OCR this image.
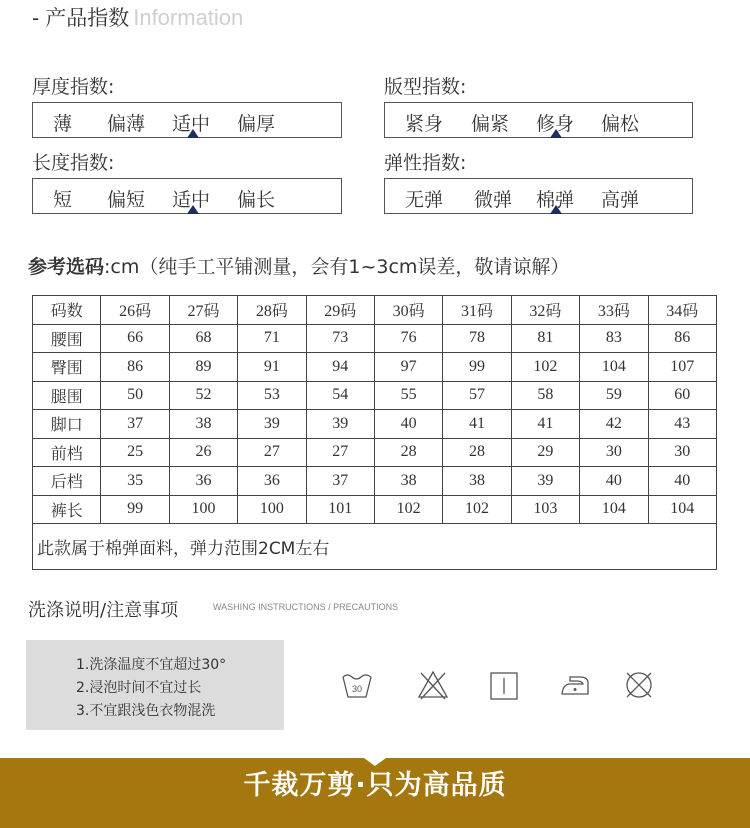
- 产品指数 Information
厚度指数:
薄 偏薄 适中 偏厚
版型指数:
紧身 偏紧 修身 偏松
长度指数:
短 偏短 适中 偏长
弹性指数:
无弹 微弹 棉弹 高弹
参考选码:cm（纯手工平铺测量，会有1~3cm误差，敬请谅解）
码数	26码	27码	28码	29码	30码	31码	32码	33码	34码
腰围	66	68	71	73	76	78	81	83	86
臀围	86	89	91	94	97	99	102	104	107
腿围	50	52	53	54	55	57	58	59	60
脚口	37	38	39	39	40	41	41	42	43
前档	25	26	27	27	28	28	29	30	30
后档	35	36	36	37	38	38	39	40	40
裤长	99	100	100	101	102	102	103	104	104
此款属于棉弹面料，弹力范围2CM左右									
洗涤说明/注意事项	WASHING INSTRUCTIONS / PRECAUTIONS
1.洗涤温度不宜超过30°
2.浸泡时间不宜过长
3.不宜跟浅色衣物混洗
30
千裁万剪·只为高品质
